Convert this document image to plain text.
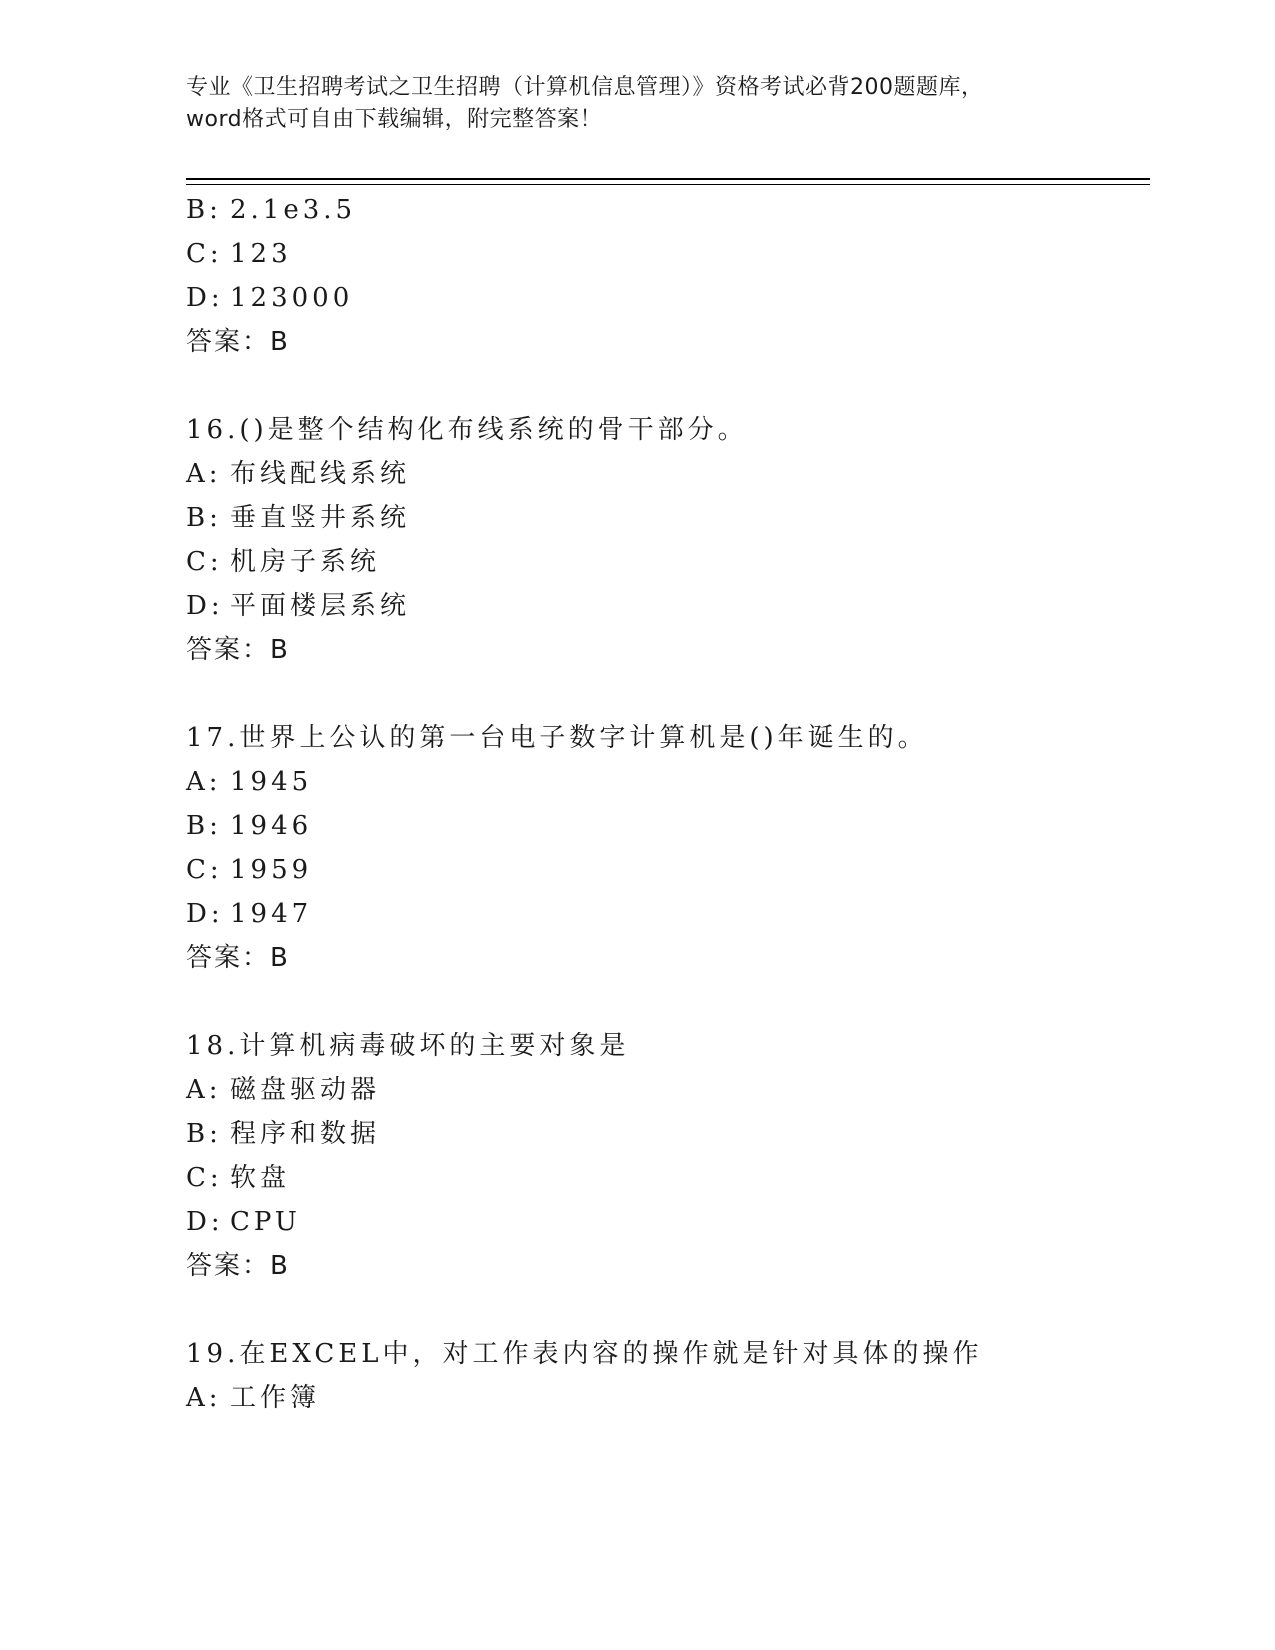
专业《卫生招聘考试之卫生招聘（计算机信息管理）》资格考试必背200题题库，
word格式可自由下载编辑，附完整答案！
B: 2.1e3.5
C: 123
D: 123000
答案：B
16.()是整个结构化布线系统的骨干部分。
A: 布线配线系统
B: 垂直竖井系统
C: 机房子系统
D: 平面楼层系统
答案：B
17.世界上公认的第一台电子数字计算机是()年诞生的。
A: 1945
B: 1946
C: 1959
D: 1947
答案：B
18.计算机病毒破坏的主要对象是
A: 磁盘驱动器
B: 程序和数据
C: 软盘
D: CPU
答案：B
19.在EXCEL中，对工作表内容的操作就是针对具体的操作
A: 工作簿
